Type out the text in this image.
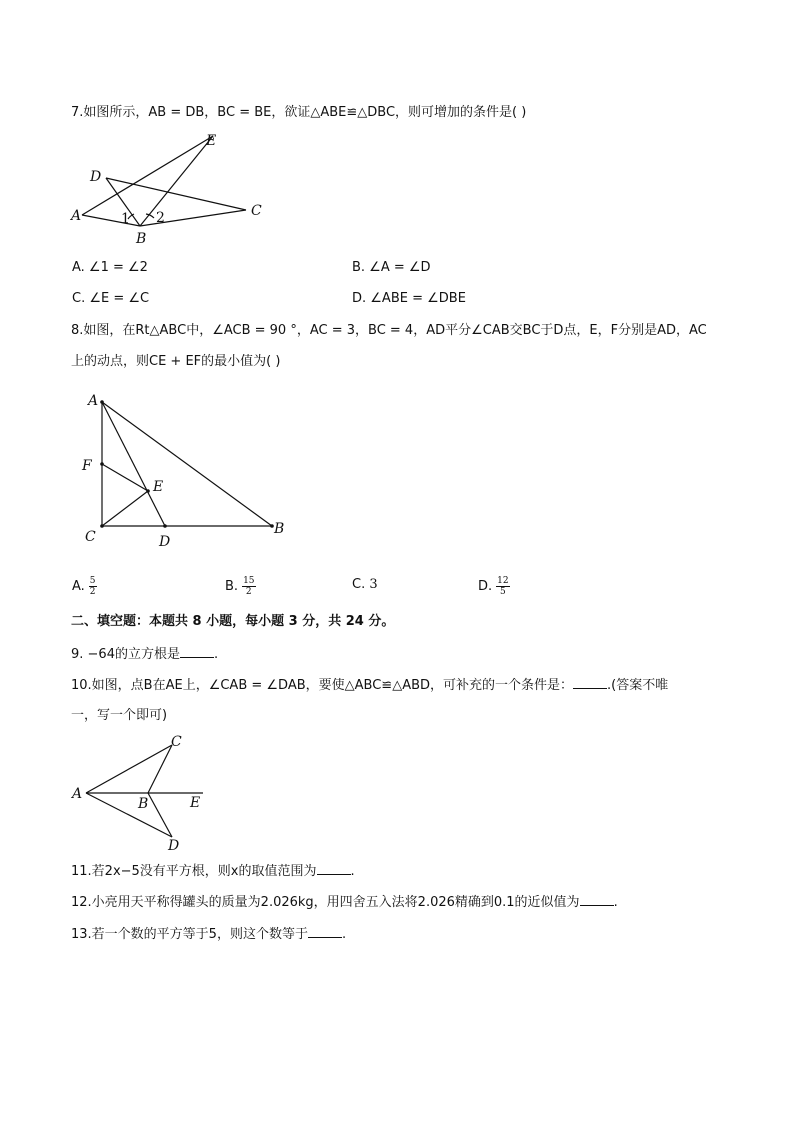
7.如图所示，AB = DB，BC = BE，欲证△ABE≌△DBC，则可增加的条件是( )
E
D
A	1 2	C
B
A. ∠1 = ∠2	B. ∠A = ∠D
C. ∠E = ∠C	D. ∠ABE = ∠DBE
8.如图，在Rt△ABC中，∠ACB = 90 °，AC = 3，BC = 4，AD平分∠CAB交BC于D点，E，F分别是AD，AC
上的动点，则CE + EF的最小值为( )
A
F
E
C	D
B
A. $\frac{5}{2}$	B. $\frac{15}{2}$	C. 3	D. $\frac{12}{5}$
二、填空题：本题共 8 小题，每小题 3 分，共 24 分。
9. −64的立方根是	.
10.如图，点B在AE上，∠CAB = ∠DAB，要使△ABC≌△ABD，可补充的一个条件是：	.(答案不唯
一，写一个即可)
C
A
B	E
D
11.若2x−5没有平方根，则x的取值范围为	.
12.小亮用天平称得罐头的质量为2.026kg，用四舍五入法将2.026精确到0.1的近似值为	.
13.若一个数的平方等于5，则这个数等于	.
